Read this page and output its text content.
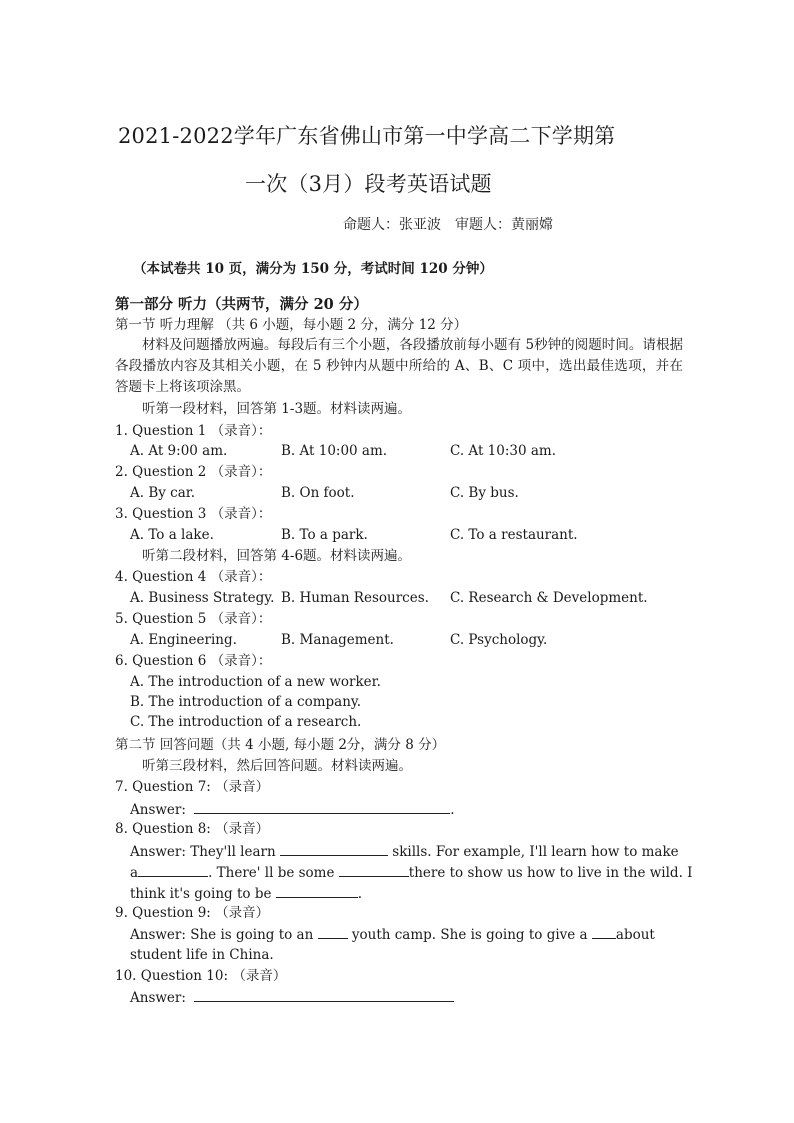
2021-2022学年广东省佛山市第一中学高二下学期第
一次（3月）段考英语试题
命题人：张亚波　审题人：黄丽嫦
（本试卷共 10 页，满分为 150 分，考试时间 120 分钟）
第一部分 听力（共两节，满分 20 分）
第一节 听力理解 （共 6 小题，每小题 2 分，满分 12 分）
材料及问题播放两遍。每段后有三个小题，各段播放前每小题有 5秒钟的阅题时间。请根据各段播放内容及其相关小题，在 5 秒钟内从题中所给的 A、B、C 项中，选出最佳选项，并在答题卡上将该项涂黑。
听第一段材料，回答第 1-3题。材料读两遍。
1. Question 1 （录音）：
A. At 9:00 am.	B. At 10:00 am.	C. At 10:30 am.
2. Question 2 （录音）：
A. By car.	B. On foot.	C. By bus.
3. Question 3 （录音）：
A. To a lake.	B. To a park.	C. To a restaurant.
听第二段材料，回答第 4-6题。材料读两遍。
4. Question 4 （录音）：
A. Business Strategy. B. Human Resources. C. Research & Development.
5. Question 5 （录音）：
A. Engineering.	B. Management.	C. Psychology.
6. Question 6 （录音）：
A. The introduction of a new worker.
B. The introduction of a company.
C. The introduction of a research.
第二节 回答问题（共 4 小题, 每小题 2分，满分 8 分）
听第三段材料，然后回答问题。材料读两遍。
7. Question 7: （录音）
Answer:	.
8. Question 8: （录音）
Answer: They'll learn	skills. For example, I'll learn how to make
a	. There' ll be some	there to show us how to live in the wild. I
think it's going to be	.
9. Question 9: （录音）
Answer: She is going to an	youth camp. She is going to give a about
student life in China.
10. Question 10: （录音）
Answer:
